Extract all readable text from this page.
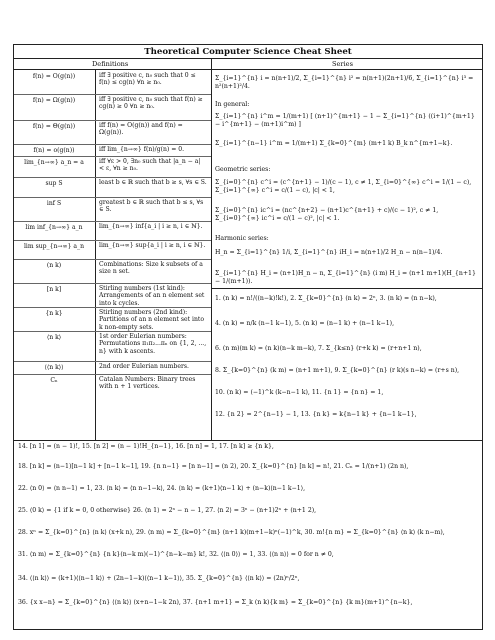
Theoretical Computer Science Cheat Sheet
Definitions	Series
f(n) = O(g(n))	iff ∃ positive c, n₀ such that 0 ≤ f(n) ≤ cg(n) ∀n ≥ n₀.
f(n) = Ω(g(n))	iff ∃ positive c, n₀ such that f(n) ≥ cg(n) ≥ 0 ∀n ≥ n₀.
f(n) = Θ(g(n))	iff f(n) = O(g(n)) and f(n) = Ω(g(n)).
f(n) = o(g(n))	iff lim_{n→∞} f(n)/g(n) = 0.
lim_{n→∞} a_n = a	iff ∀ε > 0, ∃n₀ such that |a_n − a| < ε, ∀n ≥ n₀.
sup S	least b ∈ ℝ such that b ≥ s, ∀s ∈ S.
inf S	greatest b ∈ ℝ such that b ≤ s, ∀s ∈ S.
lim inf_{n→∞} a_n	lim_{n→∞} inf{a_i | i ≥ n, i ∈ ℕ}.
lim sup_{n→∞} a_n	lim_{n→∞} sup{a_i | i ≥ n, i ∈ ℕ}.
(n k)	Combinations: Size k subsets of a size n set.
[n k]	Stirling numbers (1st kind): Arrangements of an n element set into k cycles.
{n k}	Stirling numbers (2nd kind): Partitions of an n element set into k non-empty sets.
⟨n k⟩	1st order Eulerian numbers: Permutations π₁π₂...πₙ on {1, 2, ..., n} with k ascents.
⟨⟨n k⟩⟩	2nd order Eulerian numbers.
Cₙ	Catalan Numbers: Binary trees with n + 1 vertices.
Σ_{i=1}^{n} i = n(n+1)/2, Σ_{i=1}^{n} i² = n(n+1)(2n+1)/6, Σ_{i=1}^{n} i³ = n²(n+1)²/4.
In general:
Σ_{i=1}^{n} i^m = 1/(m+1) [ (n+1)^{m+1} − 1 − Σ_{i=1}^{n} ((i+1)^{m+1} − i^{m+1} − (m+1)i^m) ]
Σ_{i=1}^{n−1} i^m = 1/(m+1) Σ_{k=0}^{m} (m+1 k) B_k n^{m+1−k}.
Geometric series:
Σ_{i=0}^{n} c^i = (c^{n+1} − 1)/(c − 1), c ≠ 1, Σ_{i=0}^{∞} c^i = 1/(1 − c), Σ_{i=1}^{∞} c^i = c/(1 − c), |c| < 1,
Σ_{i=0}^{n} ic^i = (nc^{n+2} − (n+1)c^{n+1} + c)/(c − 1)², c ≠ 1, Σ_{i=0}^{∞} ic^i = c/(1 − c)², |c| < 1.
Harmonic series:
H_n = Σ_{i=1}^{n} 1/i, Σ_{i=1}^{n} iH_i = n(n+1)/2 H_n − n(n−1)/4.
Σ_{i=1}^{n} H_i = (n+1)H_n − n, Σ_{i=1}^{n} (i m) H_i = (n+1 m+1)(H_{n+1} − 1/(m+1)).
1. (n k) = n!/((n−k)!k!), 2. Σ_{k=0}^{n} (n k) = 2ⁿ, 3. (n k) = (n n−k),
4. (n k) = n/k (n−1 k−1), 5. (n k) = (n−1 k) + (n−1 k−1),
6. (n m)(m k) = (n k)(n−k m−k), 7. Σ_{k≤n} (r+k k) = (r+n+1 n),
8. Σ_{k=0}^{n} (k m) = (n+1 m+1), 9. Σ_{k=0}^{n} (r k)(s n−k) = (r+s n),
10. (n k) = (−1)^k (k−n−1 k), 11. {n 1} = {n n} = 1,
12. {n 2} = 2^{n−1} − 1, 13. {n k} = k{n−1 k} + {n−1 k−1},
14. [n 1] = (n − 1)!, 15. [n 2] = (n − 1)!H_{n−1}, 16. [n n] = 1, 17. [n k] ≥ {n k},
18. [n k] = (n−1)[n−1 k] + [n−1 k−1], 19. {n n−1} = [n n−1] = (n 2), 20. Σ_{k=0}^{n} [n k] = n!, 21. Cₙ = 1/(n+1) (2n n),
22. ⟨n 0⟩ = ⟨n n−1⟩ = 1, 23. ⟨n k⟩ = ⟨n n−1−k⟩, 24. ⟨n k⟩ = (k+1)⟨n−1 k⟩ + (n−k)⟨n−1 k−1⟩,
25. ⟨0 k⟩ = {1 if k = 0, 0 otherwise} 26. ⟨n 1⟩ = 2ⁿ − n − 1, 27. ⟨n 2⟩ = 3ⁿ − (n+1)2ⁿ + (n+1 2),
28. xⁿ = Σ_{k=0}^{n} ⟨n k⟩ (x+k n), 29. ⟨n m⟩ = Σ_{k=0}^{m} (n+1 k)(m+1−k)ⁿ(−1)^k, 30. m!{n m} = Σ_{k=0}^{n} ⟨n k⟩ (k n−m),
31. ⟨n m⟩ = Σ_{k=0}^{n} {n k}(n−k m)(−1)^{n−k−m} k!, 32. ⟨⟨n 0⟩⟩ = 1, 33. ⟨⟨n n⟩⟩ = 0 for n ≠ 0,
34. ⟨⟨n k⟩⟩ = (k+1)⟨⟨n−1 k⟩⟩ + (2n−1−k)⟨⟨n−1 k−1⟩⟩, 35. Σ_{k=0}^{n} ⟨⟨n k⟩⟩ = (2n)ⁿ/2ⁿ,
36. {x x−n} = Σ_{k=0}^{n} ⟨⟨n k⟩⟩ (x+n−1−k 2n), 37. {n+1 m+1} = Σ_k (n k){k m} = Σ_{k=0}^{n} {k m}(m+1)^{n−k},
